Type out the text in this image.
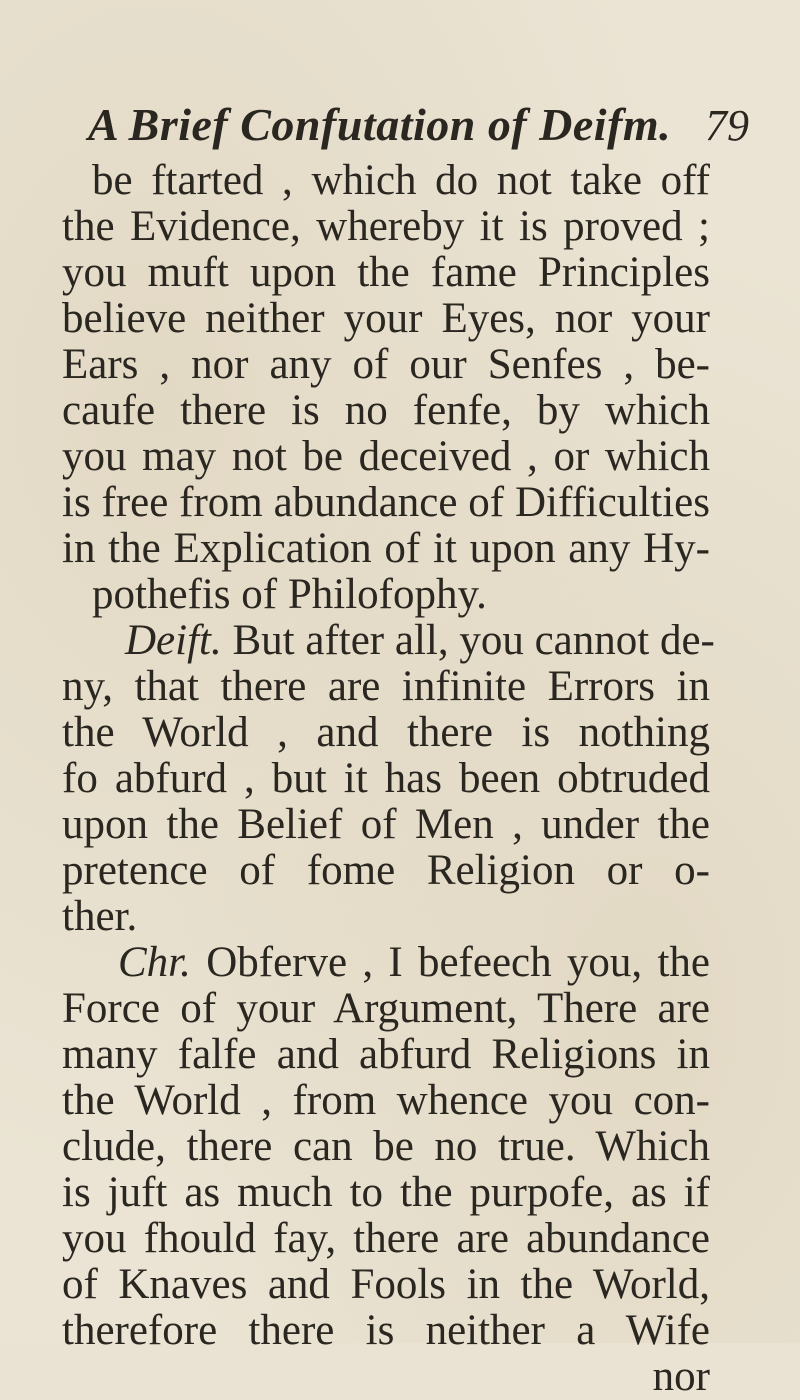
A Brief Confutation of Deifm. 79
be ftarted , which do not take off
the Evidence, whereby it is proved ;
you muft upon the fame Principles
believe neither your Eyes, nor your
Ears , nor any of our Senfes , be-
caufe there is no fenfe, by which
you may not be deceived , or which
is free from abundance of Difficulties
in the Explication of it upon any Hy-
pothefis of Philofophy.
Deift. But after all, you cannot de-
ny, that there are infinite Errors in
the World , and there is nothing
fo abfurd , but it has been obtruded
upon the Belief of Men , under the
pretence of fome Religion or o-
ther.
Chr. Obferve , I befeech you, the
Force of your Argument, There are
many falfe and abfurd Religions in
the World , from whence you con-
clude, there can be no true. Which
is juft as much to the purpofe, as if
you fhould fay, there are abundance
of Knaves and Fools in the World,
therefore there is neither a Wife
nor
